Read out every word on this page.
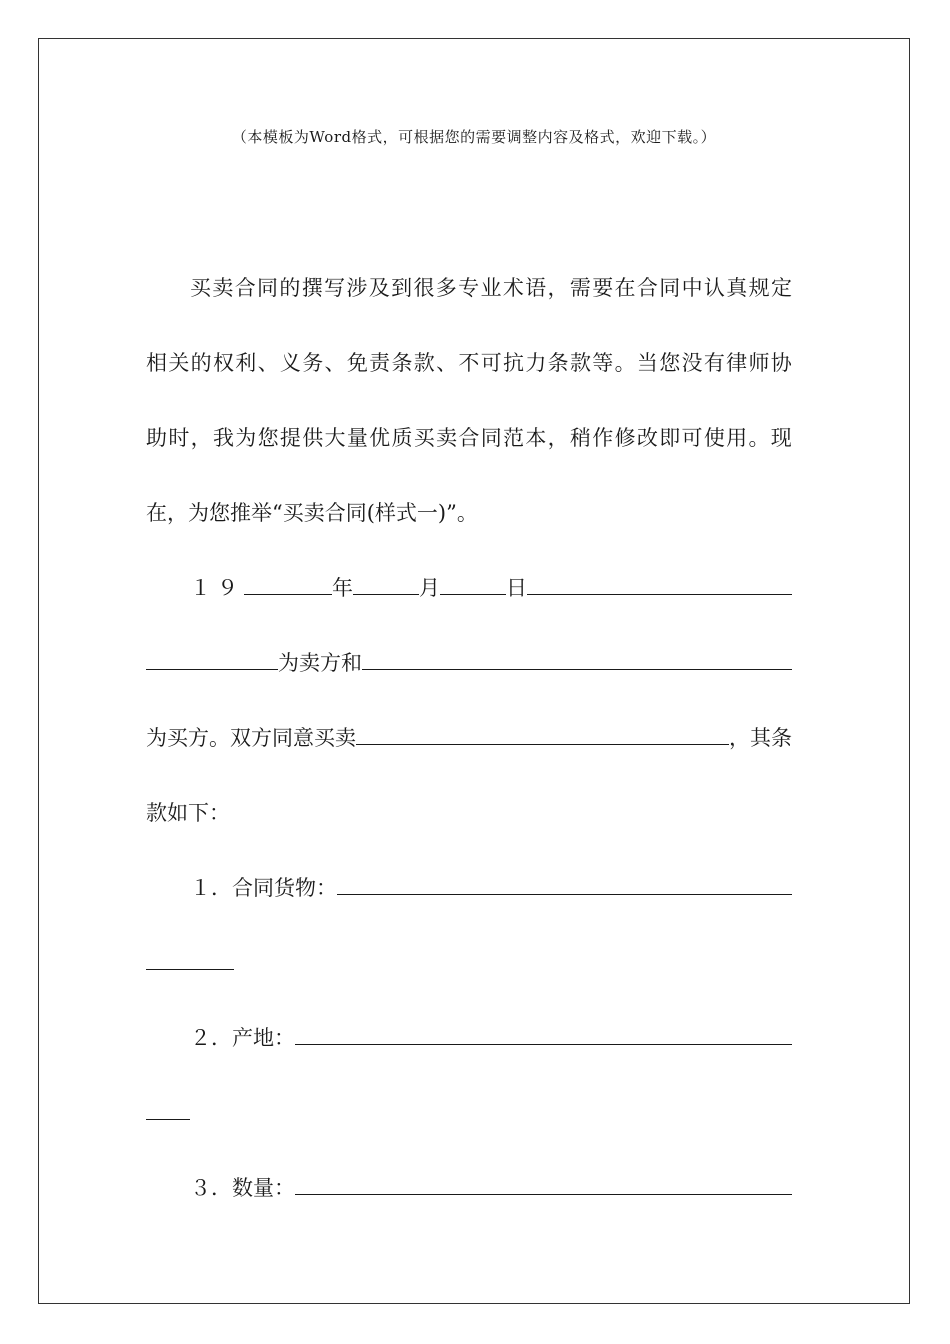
（本模板为Word格式，可根据您的需要调整内容及格式，欢迎下载。）
买 卖 合 同 的 撰 写 涉 及 到 很 多 专 业 术 语 ， 需 要 在 合 同 中 认 真 规 定
相 关 的 权 利 、 义 务 、 免 责 条 款 、 不 可 抗 力 条 款 等 。 当 您 没 有 律 师 协
助 时 ， 我 为 您 提 供 大 量 优 质 买 卖 合 同 范 本 ， 稍 作 修 改 即 可 使 用 。 现
在，为您推举“买卖合同(样式一)”。
１９	年	月	日
为卖方和
为买方。双方同意买卖	，其条
款如下：
１．合同货物：
２．产地：
３．数量：
